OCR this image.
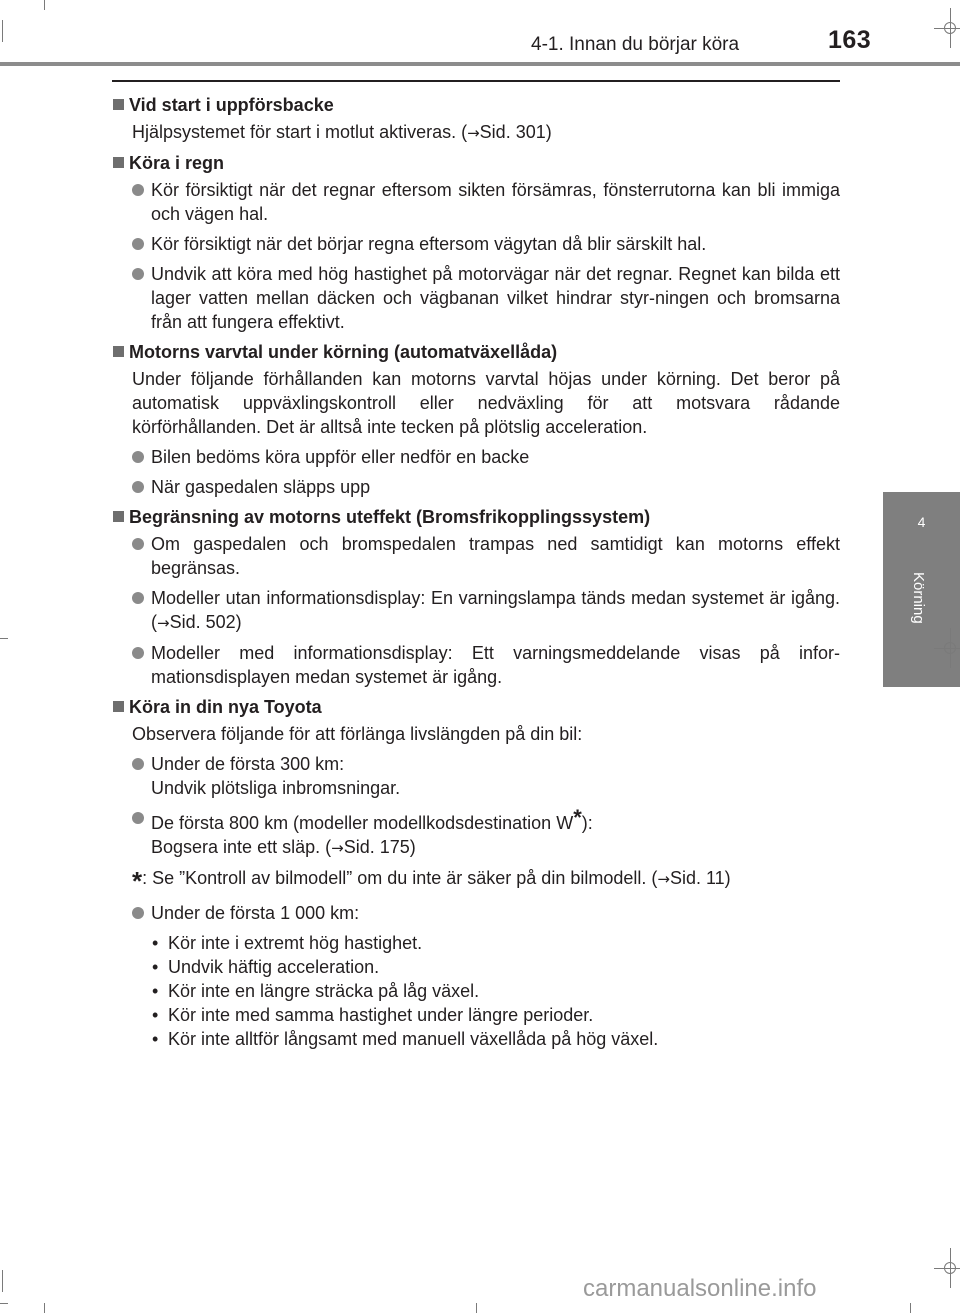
4-1. Innan du börjar köra	163
4
Körning
Vid start i uppförsbacke
Hjälpsystemet för start i motlut aktiveras. (→Sid. 301)
Köra i regn
Kör försiktigt när det regnar eftersom sikten försämras, fönsterrutorna kan bli immiga och vägen hal.
Kör försiktigt när det börjar regna eftersom vägytan då blir särskilt hal.
Undvik att köra med hög hastighet på motorvägar när det regnar. Regnet kan bilda ett lager vatten mellan däcken och vägbanan vilket hindrar styr-ningen och bromsarna från att fungera effektivt.
Motorns varvtal under körning (automatväxellåda)
Under följande förhållanden kan motorns varvtal höjas under körning. Det beror på automatisk uppväxlingskontroll eller nedväxling för att motsvara rådande körförhållanden. Det är alltså inte tecken på plötslig acceleration.
Bilen bedöms köra uppför eller nedför en backe
När gaspedalen släpps upp
Begränsning av motorns uteffekt (Bromsfrikopplingssystem)
Om gaspedalen och bromspedalen trampas ned samtidigt kan motorns effekt begränsas.
Modeller utan informationsdisplay: En varningslampa tänds medan systemet är igång. (→Sid. 502)
Modeller med informationsdisplay: Ett varningsmeddelande visas på infor-mationsdisplayen medan systemet är igång.
Köra in din nya Toyota
Observera följande för att förlänga livslängden på din bil:
Under de första 300 km:
Undvik plötsliga inbromsningar.
De första 800 km (modeller modellkodsdestination W*):
Bogsera inte ett släp. (→Sid. 175)
*: Se ”Kontroll av bilmodell” om du inte är säker på din bilmodell. (→Sid. 11)
Under de första 1 000 km:
• Kör inte i extremt hög hastighet.
• Undvik häftig acceleration.
• Kör inte en längre sträcka på låg växel.
• Kör inte med samma hastighet under längre perioder.
• Kör inte alltför långsamt med manuell växellåda på hög växel.
carmanualsonline.info
